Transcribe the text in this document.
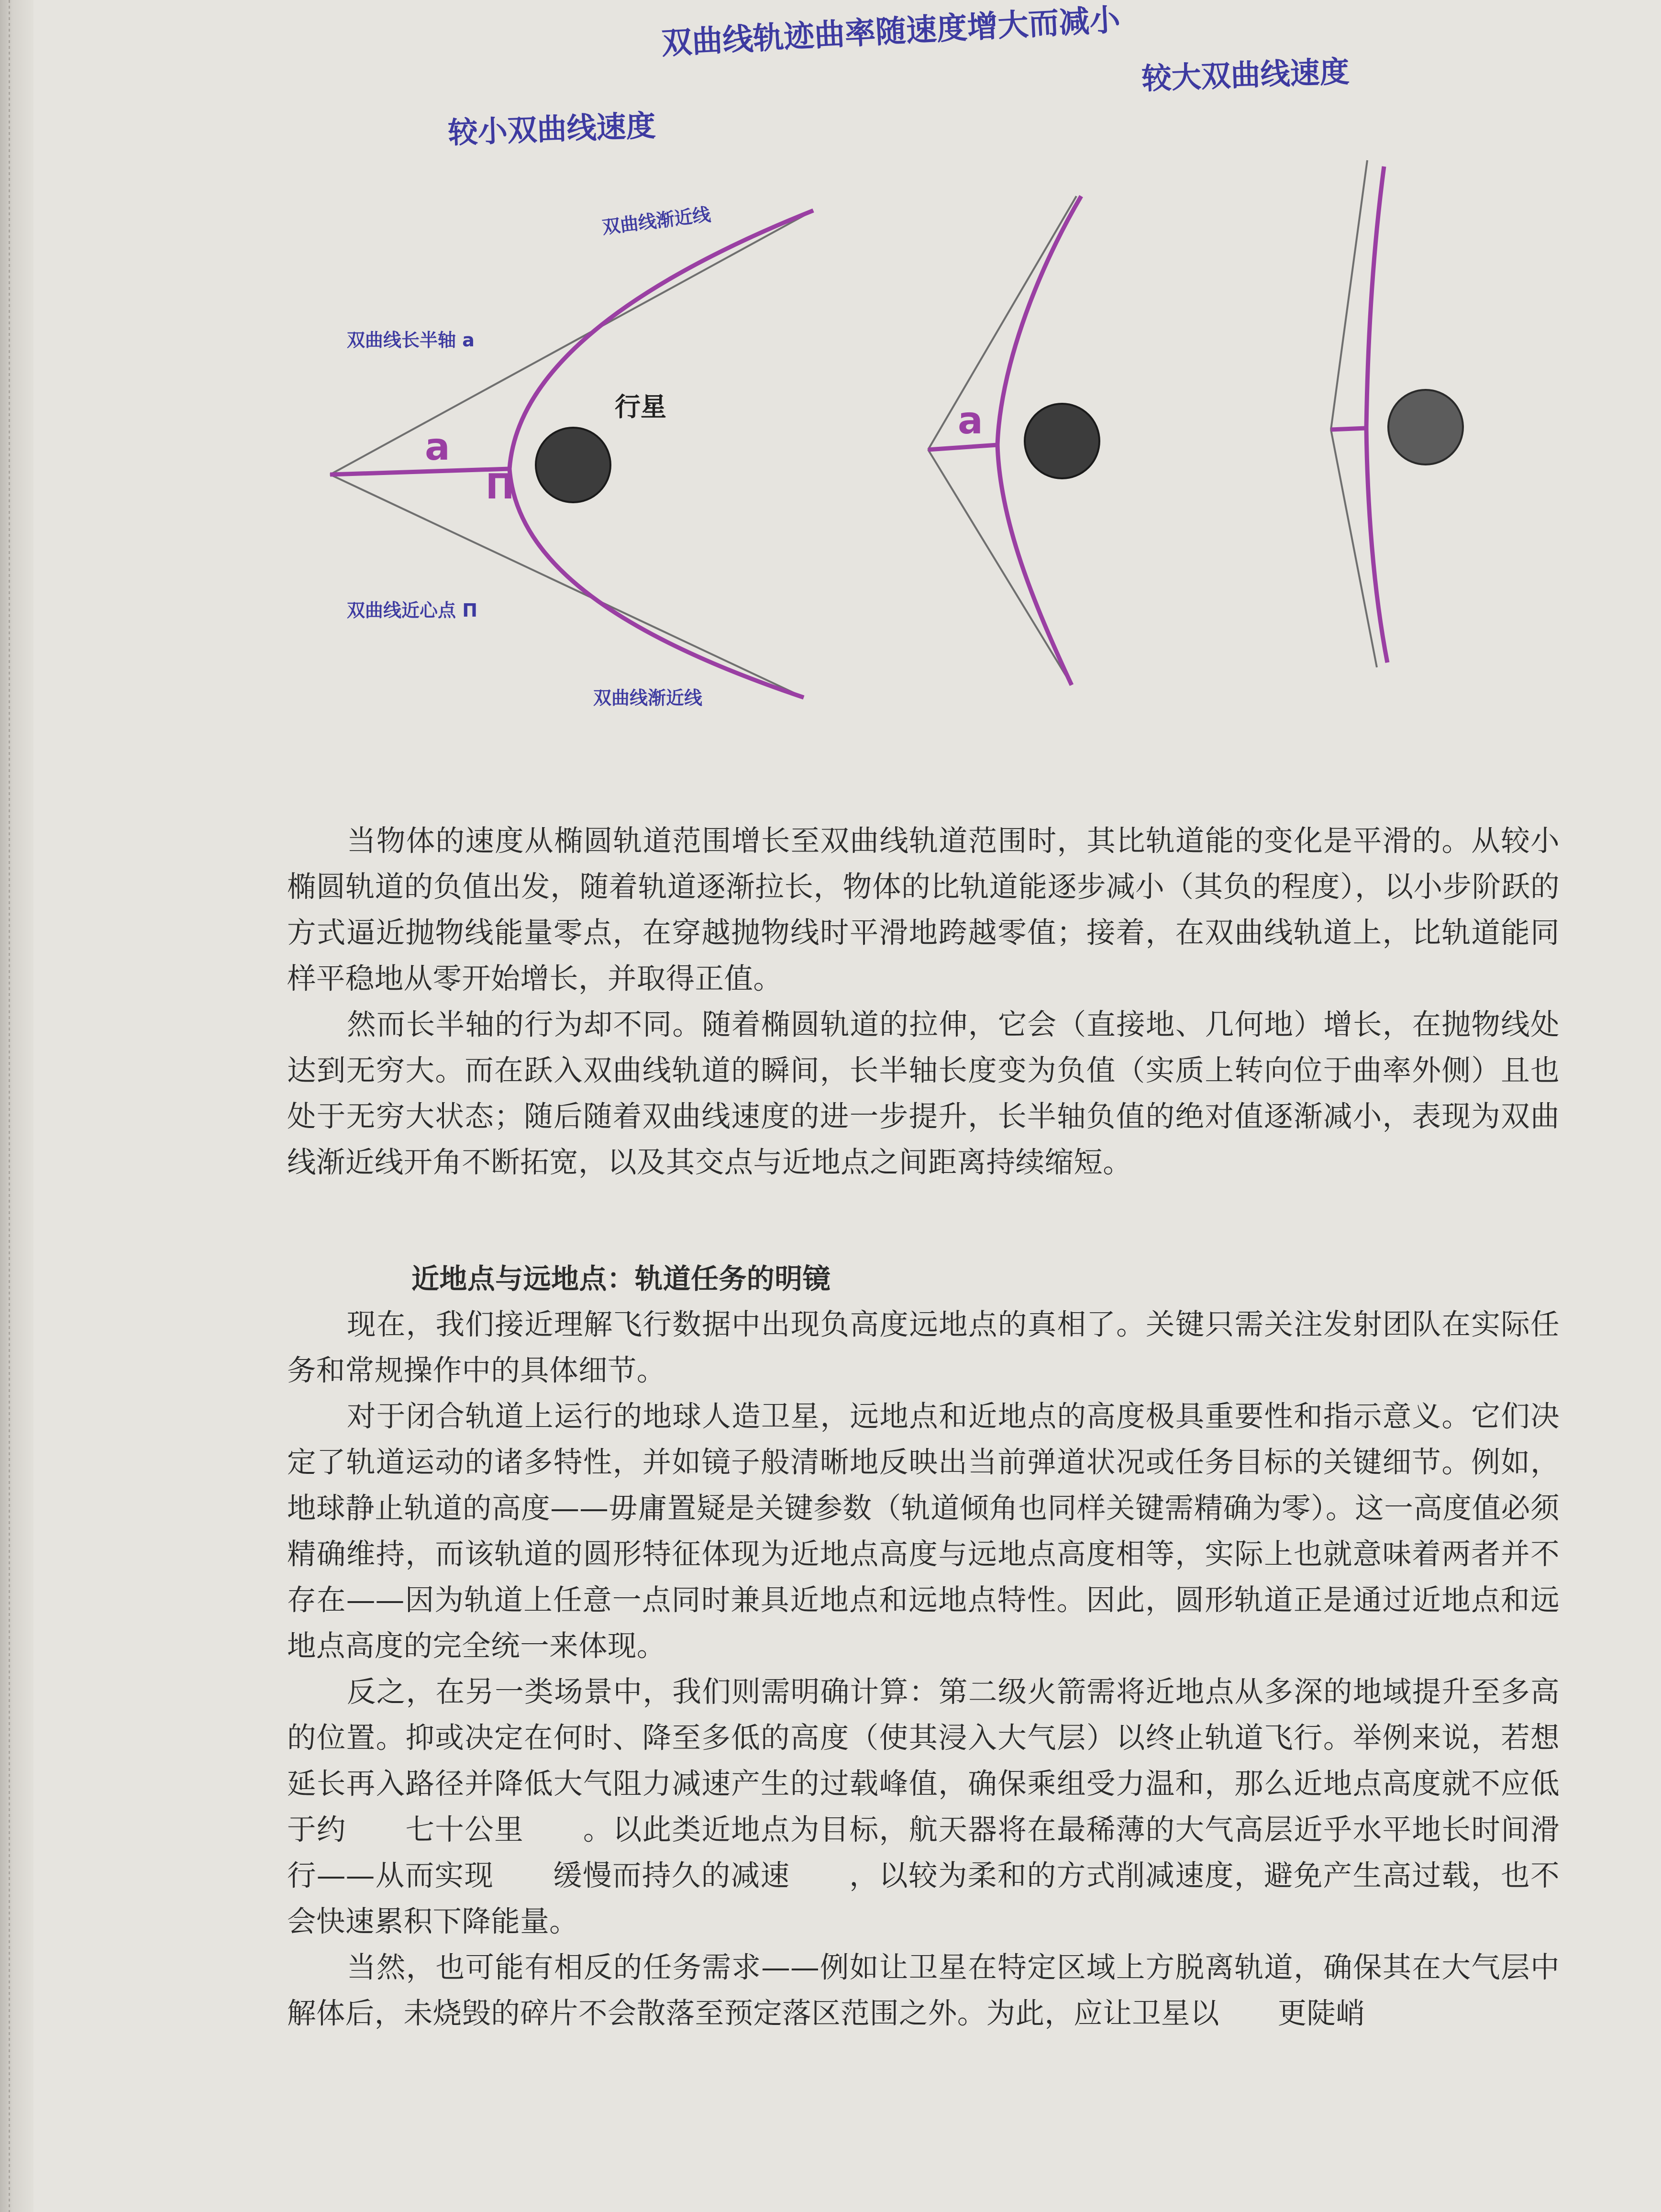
双曲线轨迹曲率随速度增大而减小
较小双曲线速度
较大双曲线速度
双曲线渐近线
双曲线长半轴 a
双曲线近心点 Π
双曲线渐近线
行星
a
Π
a

当物体的速度从椭圆轨道范围增长至双曲线轨道范围时，其比轨道能的变化是平滑的。从较小椭圆轨道的负值出发，随着轨道逐渐拉长，物体的比轨道能逐步减小（其负的程度），以小步阶跃的方式逼近抛物线能量零点，在穿越抛物线时平滑地跨越零值；接着，在双曲线轨道上，比轨道能同样平稳地从零开始增长，并取得正值。

然而长半轴的行为却不同。随着椭圆轨道的拉伸，它会（直接地、几何地）增长，在抛物线处达到无穷大。而在跃入双曲线轨道的瞬间，长半轴长度变为负值（实质上转向位于曲率外侧）且也处于无穷大状态；随后随着双曲线速度的进一步提升，长半轴负值的绝对值逐渐减小，表现为双曲线渐近线开角不断拓宽，以及其交点与近地点之间距离持续缩短。

近地点与远地点：轨道任务的明镜

现在，我们接近理解飞行数据中出现负高度远地点的真相了。关键只需关注发射团队在实际任务和常规操作中的具体细节。

对于闭合轨道上运行的地球人造卫星，远地点和近地点的高度极具重要性和指示意义。它们决定了轨道运动的诸多特性，并如镜子般清晰地反映出当前弹道状况或任务目标的关键细节。例如，地球静止轨道的高度——毋庸置疑是关键参数（轨道倾角也同样关键需精确为零）。这一高度值必须精确维持，而该轨道的圆形特征体现为近地点高度与远地点高度相等，实际上也就意味着两者并不存在——因为轨道上任意一点同时兼具近地点和远地点特性。因此，圆形轨道正是通过近地点和远地点高度的完全统一来体现。

反之，在另一类场景中，我们则需明确计算：第二级火箭需将近地点从多深的地域提升至多高的位置。抑或决定在何时、降至多低的高度（使其浸入大气层）以终止轨道飞行。举例来说，若想延长再入路径并降低大气阻力减速产生的过载峰值，确保乘组受力温和，那么近地点高度就不应低于约　　七十公里　　。以此类近地点为目标，航天器将在最稀薄的大气高层近乎水平地长时间滑行——从而实现　　缓慢而持久的减速　　，以较为柔和的方式削减速度，避免产生高过载，也不会快速累积下降能量。

当然，也可能有相反的任务需求——例如让卫星在特定区域上方脱离轨道，确保其在大气层中解体后，未烧毁的碎片不会散落至预定落区范围之外。为此，应让卫星以　　更陡峭
